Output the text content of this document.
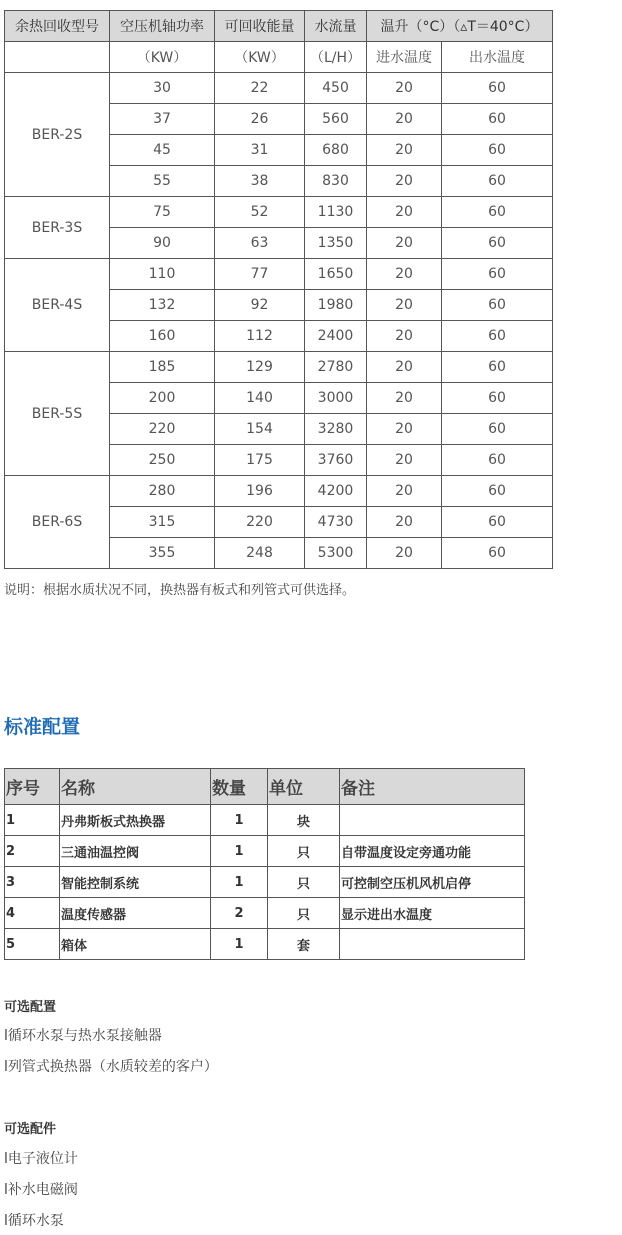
余热回收型号	空压机轴功率	可回收能量	水流量	温升（°C）（▵T＝40°C）	
	（KW）	（KW）	（L/H）	进水温度	出水温度
BER-2S	30	22	450	20	60
	37	26	560	20	60
	45	31	680	20	60
	55	38	830	20	60
BER-3S	75	52	1130	20	60
	90	63	1350	20	60
BER-4S	110	77	1650	20	60
	132	92	1980	20	60
	160	112	2400	20	60
BER-5S	185	129	2780	20	60
	200	140	3000	20	60
	220	154	3280	20	60
	250	175	3760	20	60
BER-6S	280	196	4200	20	60
	315	220	4730	20	60
	355	248	5300	20	60
说明：根据水质状况不同，换热器有板式和列管式可供选择。
标准配置
序号	名称	数量	单位	备注
1	丹弗斯板式热换器	1	块	
2	三通油温控阀	1	只	自带温度设定旁通功能
3	智能控制系统	1	只	可控制空压机风机启停
4	温度传感器	2	只	显示进出水温度
5	箱体	1	套	
可选配置
l循环水泵与热水泵接触器
l列管式换热器（水质较差的客户）
可选配件
l电子液位计
l补水电磁阀
l循环水泵
